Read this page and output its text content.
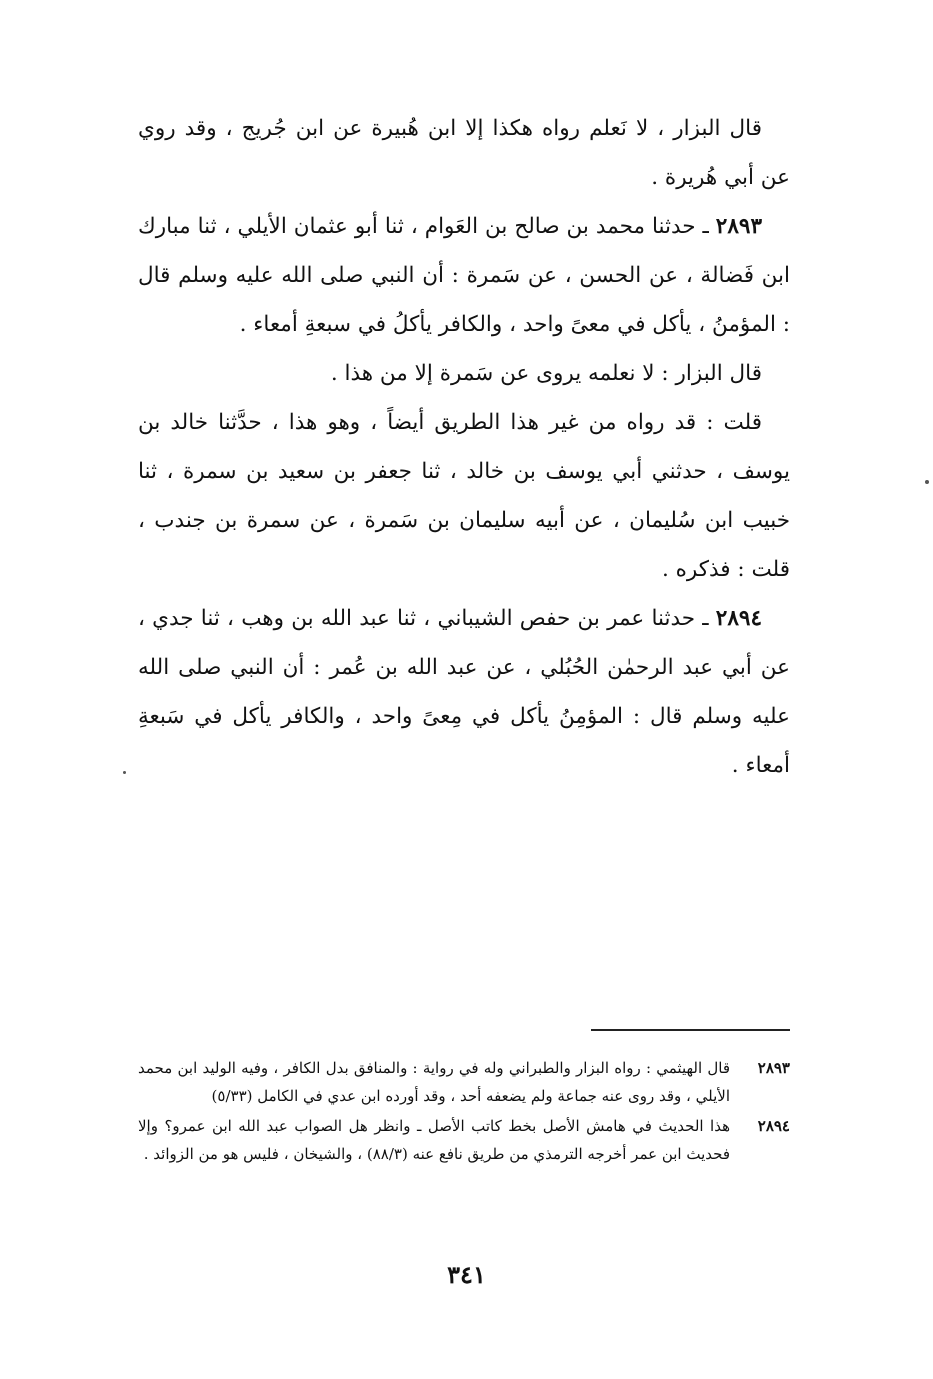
قال البزار ، لا نَعلم رواه هكذا إلا ابن هُبيرة عن ابن جُريج ، وقد روي عن أبي هُريرة .

٢٨٩٣ ـ حدثنا محمد بن صالح بن العَوام ، ثنا أبو عثمان الأيلي ، ثنا مبارك ابن فَضالة ، عن الحسن ، عن سَمرة : أن النبي صلى الله عليه وسلم قال : المؤمنُ ، يأكل في معىً واحد ، والكافر يأكلُ في سبعةِ أمعاء .

قال البزار : لا نعلمه يروى عن سَمرة إلا من هذا .

قلت : قد رواه من غير هذا الطريق أيضاً ، وهو هذا ، حدَّثنا خالد بن يوسف ، حدثني أبي يوسف بن خالد ، ثنا جعفر بن سعيد بن سمرة ، ثنا خبيب ابن سُليمان ، عن أبيه سليمان بن سَمرة ، عن سمرة بن جندب ، قلت : فذكره .

٢٨٩٤ ـ حدثنا عمر بن حفص الشيباني ، ثنا عبد الله بن وهب ، ثنا جدي ، عن أبي عبد الرحمٰن الحُبُلي ، عن عبد الله بن عُمر : أن النبي صلى الله عليه وسلم قال : المؤمِنُ يأكل في مِعىً واحد ، والكافر يأكل في سَبعةِ أمعاء .

٢٨٩٣
قال الهيثمي : رواه البزار والطبراني وله في رواية : والمنافق بدل الكافر ، وفيه الوليد ابن محمد الأيلي ، وقد روى عنه جماعة ولم يضعفه أحد ، وقد أورده ابن عدي في الكامل (٥/٣٣)
٢٨٩٤
هذا الحديث في هامش الأصل بخط كاتب الأصل ـ وانظر هل الصواب عبد الله ابن عمرو؟ وإلا فحديث ابن عمر أخرجه الترمذي من طريق نافع عنه (٨٨/٣) ، والشيخان ، فليس هو من الزوائد .
٣٤١
